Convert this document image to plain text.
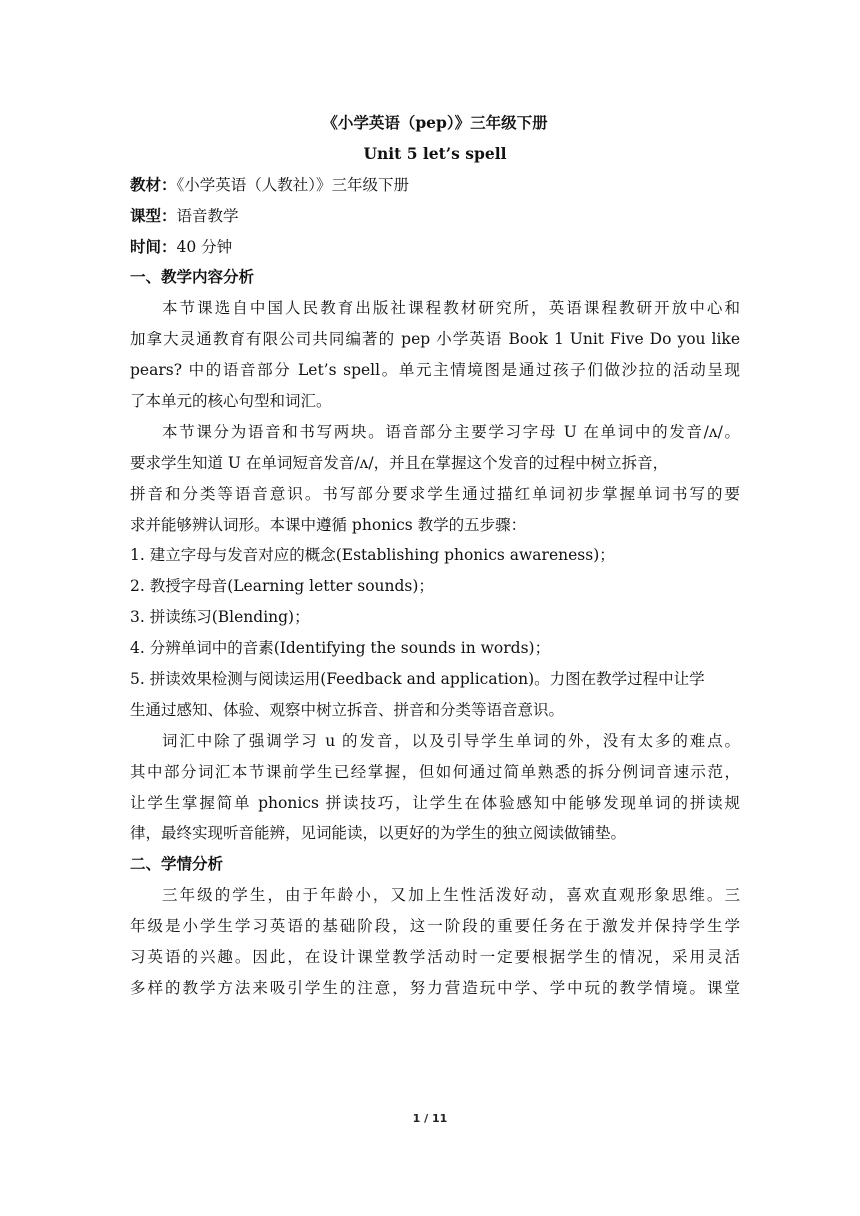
《小学英语（pep）》三年级下册
Unit 5 let’s spell
教材：《小学英语（人教社）》三年级下册
课型：语音教学
时间：40 分钟
一、教学内容分析
本节课选自中国人民教育出版社课程教材研究所，英语课程教研开放中心和
加拿大灵通教育有限公司共同编著的 pep 小学英语 Book 1 Unit Five Do you like
pears? 中的语音部分 Let’s spell。单元主情境图是通过孩子们做沙拉的活动呈现
了本单元的核心句型和词汇。
本节课分为语音和书写两块。语音部分主要学习字母 U 在单词中的发音/ʌ/。
要求学生知道 U 在单词短音发音/ʌ/，并且在掌握这个发音的过程中树立拆音，
拼音和分类等语音意识。书写部分要求学生通过描红单词初步掌握单词书写的要
求并能够辨认词形。本课中遵循 phonics 教学的五步骤：
1. 建立字母与发音对应的概念(Establishing phonics awareness)；
2. 教授字母音(Learning letter sounds)；
3. 拼读练习(Blending)；
4. 分辨单词中的音素(Identifying the sounds in words)；
5. 拼读效果检测与阅读运用(Feedback and application)。力图在教学过程中让学
生通过感知、体验、观察中树立拆音、拼音和分类等语音意识。
词汇中除了强调学习 u 的发音，以及引导学生单词的外，没有太多的难点。
其中部分词汇本节课前学生已经掌握，但如何通过简单熟悉的拆分例词音速示范，
让学生掌握简单 phonics 拼读技巧，让学生在体验感知中能够发现单词的拼读规
律，最终实现听音能辨，见词能读，以更好的为学生的独立阅读做铺垫。
二、学情分析
三年级的学生，由于年龄小，又加上生性活泼好动，喜欢直观形象思维。三
年级是小学生学习英语的基础阶段，这一阶段的重要任务在于激发并保持学生学
习英语的兴趣。因此，在设计课堂教学活动时一定要根据学生的情况，采用灵活
多样的教学方法来吸引学生的注意，努力营造玩中学、学中玩的教学情境。课堂
1 / 11
